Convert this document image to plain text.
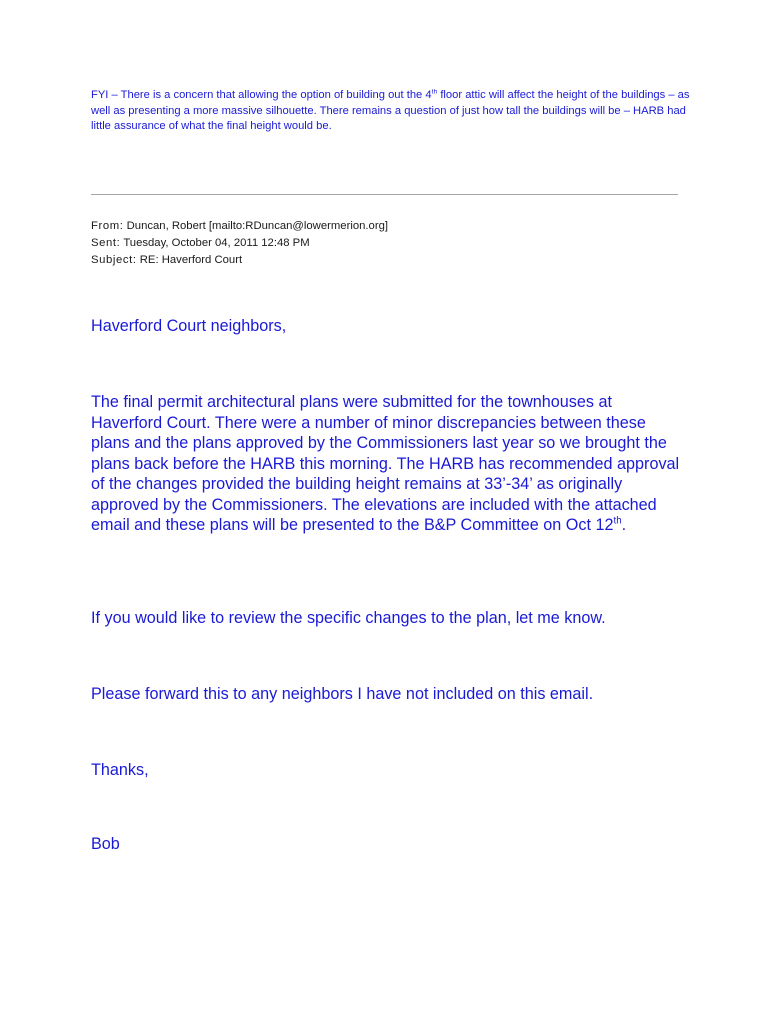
FYI – There is a concern that allowing the option of building out the 4th floor attic will affect the height of the buildings – as well as presenting a more massive silhouette. There remains a question of just how tall the buildings will be – HARB had little assurance of what the final height would be.

From: Duncan, Robert [mailto:RDuncan@lowermerion.org]
Sent: Tuesday, October 04, 2011 12:48 PM
Subject: RE: Haverford Court

Haverford Court neighbors,

The final permit architectural plans were submitted for the townhouses at Haverford Court. There were a number of minor discrepancies between these plans and the plans approved by the Commissioners last year so we brought the plans back before the HARB this morning. The HARB has recommended approval of the changes provided the building height remains at 33’-34’ as originally approved by the Commissioners. The elevations are included with the attached email and these plans will be presented to the B&P Committee on Oct 12th.

If you would like to review the specific changes to the plan, let me know.

Please forward this to any neighbors I have not included on this email.

Thanks,

Bob
